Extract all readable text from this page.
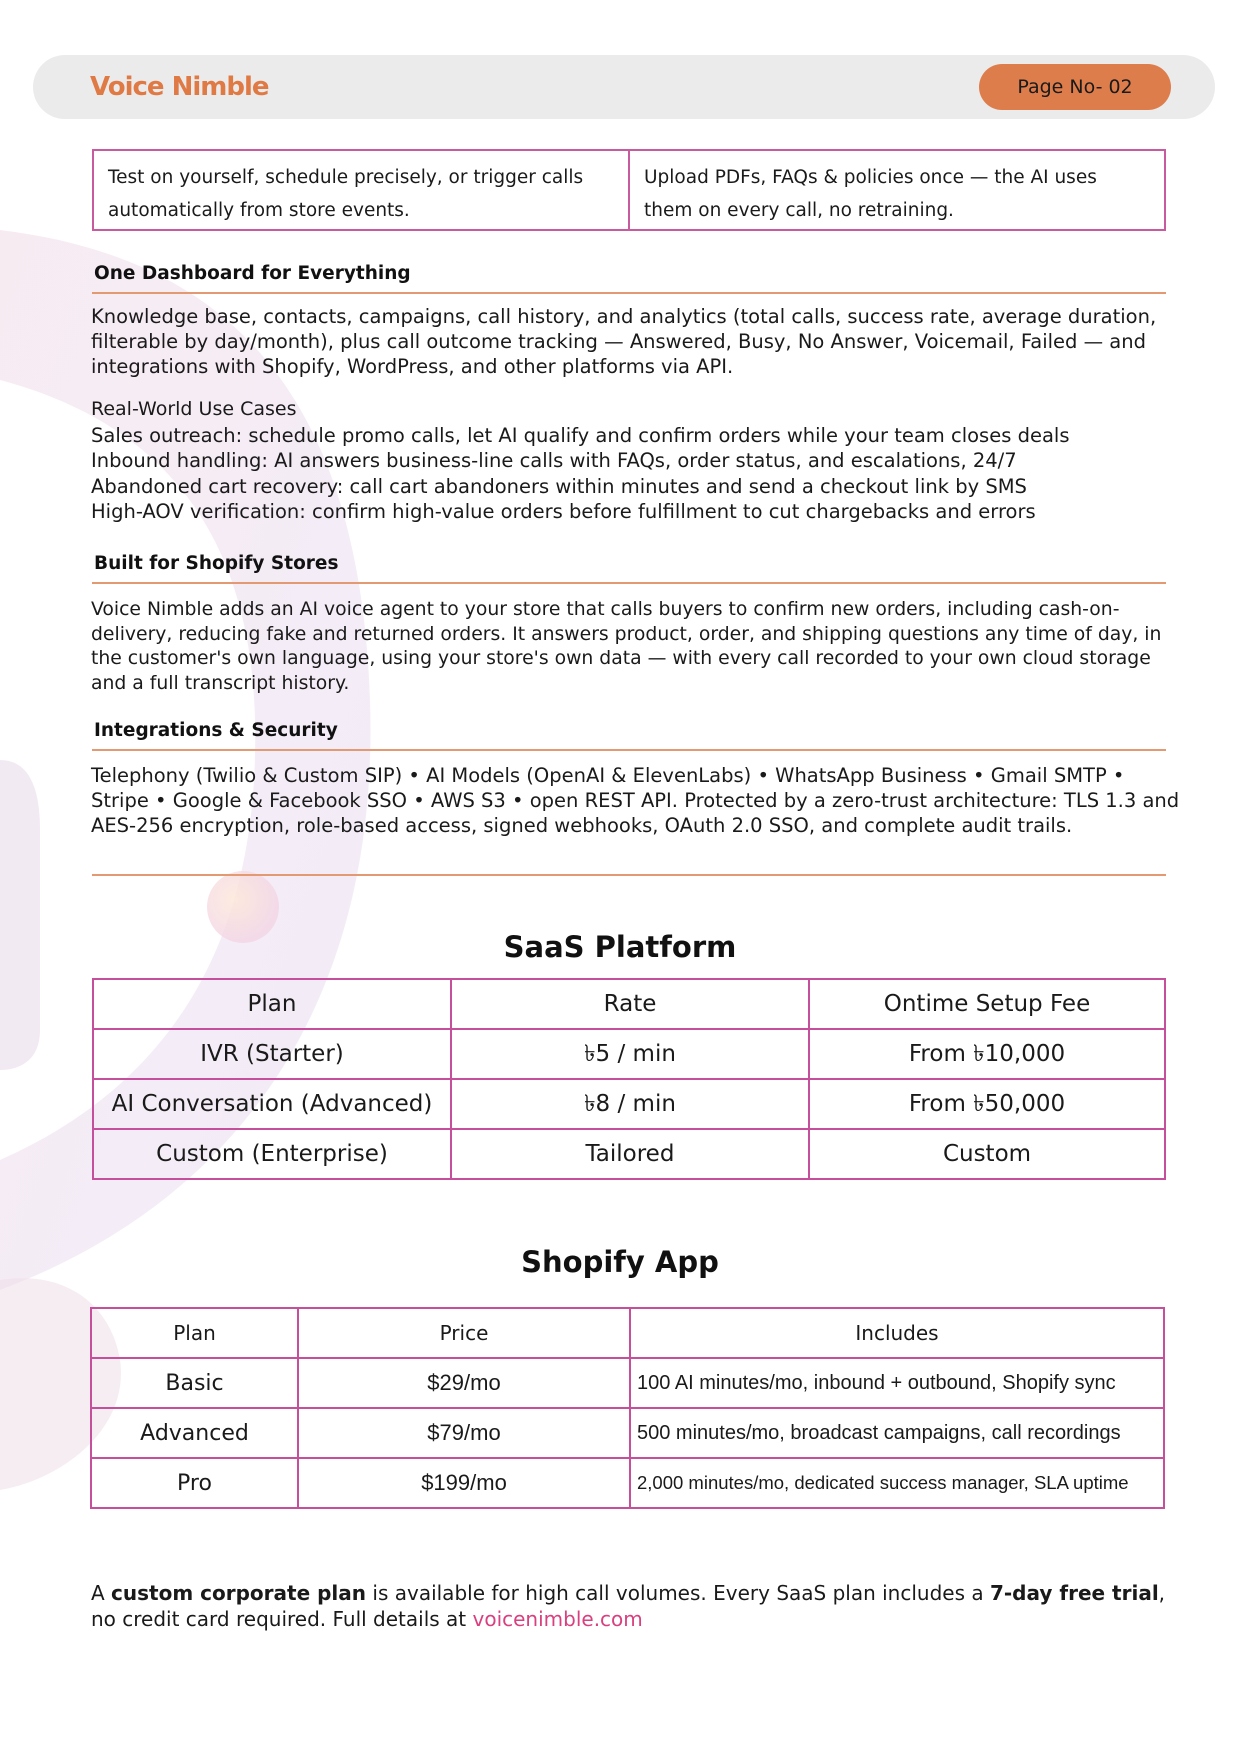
Voice Nimble	Page No- 02
Test on yourself, schedule precisely, or trigger calls automatically from store events.
Upload PDFs, FAQs & policies once — the AI uses them on every call, no retraining.
One Dashboard for Everything
Knowledge base, contacts, campaigns, call history, and analytics (total calls, success rate, average duration, filterable by day/month), plus call outcome tracking — Answered, Busy, No Answer, Voicemail, Failed — and integrations with Shopify, WordPress, and other platforms via API.
Real-World Use Cases
Sales outreach: schedule promo calls, let AI qualify and confirm orders while your team closes deals
Inbound handling: AI answers business-line calls with FAQs, order status, and escalations, 24/7
Abandoned cart recovery: call cart abandoners within minutes and send a checkout link by SMS
High-AOV verification: confirm high-value orders before fulfillment to cut chargebacks and errors
Built for Shopify Stores
Voice Nimble adds an AI voice agent to your store that calls buyers to confirm new orders, including cash-on-delivery, reducing fake and returned orders. It answers product, order, and shipping questions any time of day, in the customer's own language, using your store's own data — with every call recorded to your own cloud storage and a full transcript history.
Integrations & Security
Telephony (Twilio & Custom SIP) • AI Models (OpenAI & ElevenLabs) • WhatsApp Business • Gmail SMTP • Stripe • Google & Facebook SSO • AWS S3 • open REST API. Protected by a zero-trust architecture: TLS 1.3 and AES-256 encryption, role-based access, signed webhooks, OAuth 2.0 SSO, and complete audit trails.
SaaS Platform
Plan	Rate	Ontime Setup Fee
IVR (Starter)	৳5 / min	From ৳10,000
AI Conversation (Advanced)	৳8 / min	From ৳50,000
Custom (Enterprise)	Tailored	Custom
Shopify App
Plan	Price	Includes
Basic	$29/mo	100 AI minutes/mo, inbound + outbound, Shopify sync
Advanced	$79/mo	500 minutes/mo, broadcast campaigns, call recordings
Pro	$199/mo	2,000 minutes/mo, dedicated success manager, SLA uptime
A custom corporate plan is available for high call volumes. Every SaaS plan includes a 7-day free trial, no credit card required. Full details at voicenimble.com
